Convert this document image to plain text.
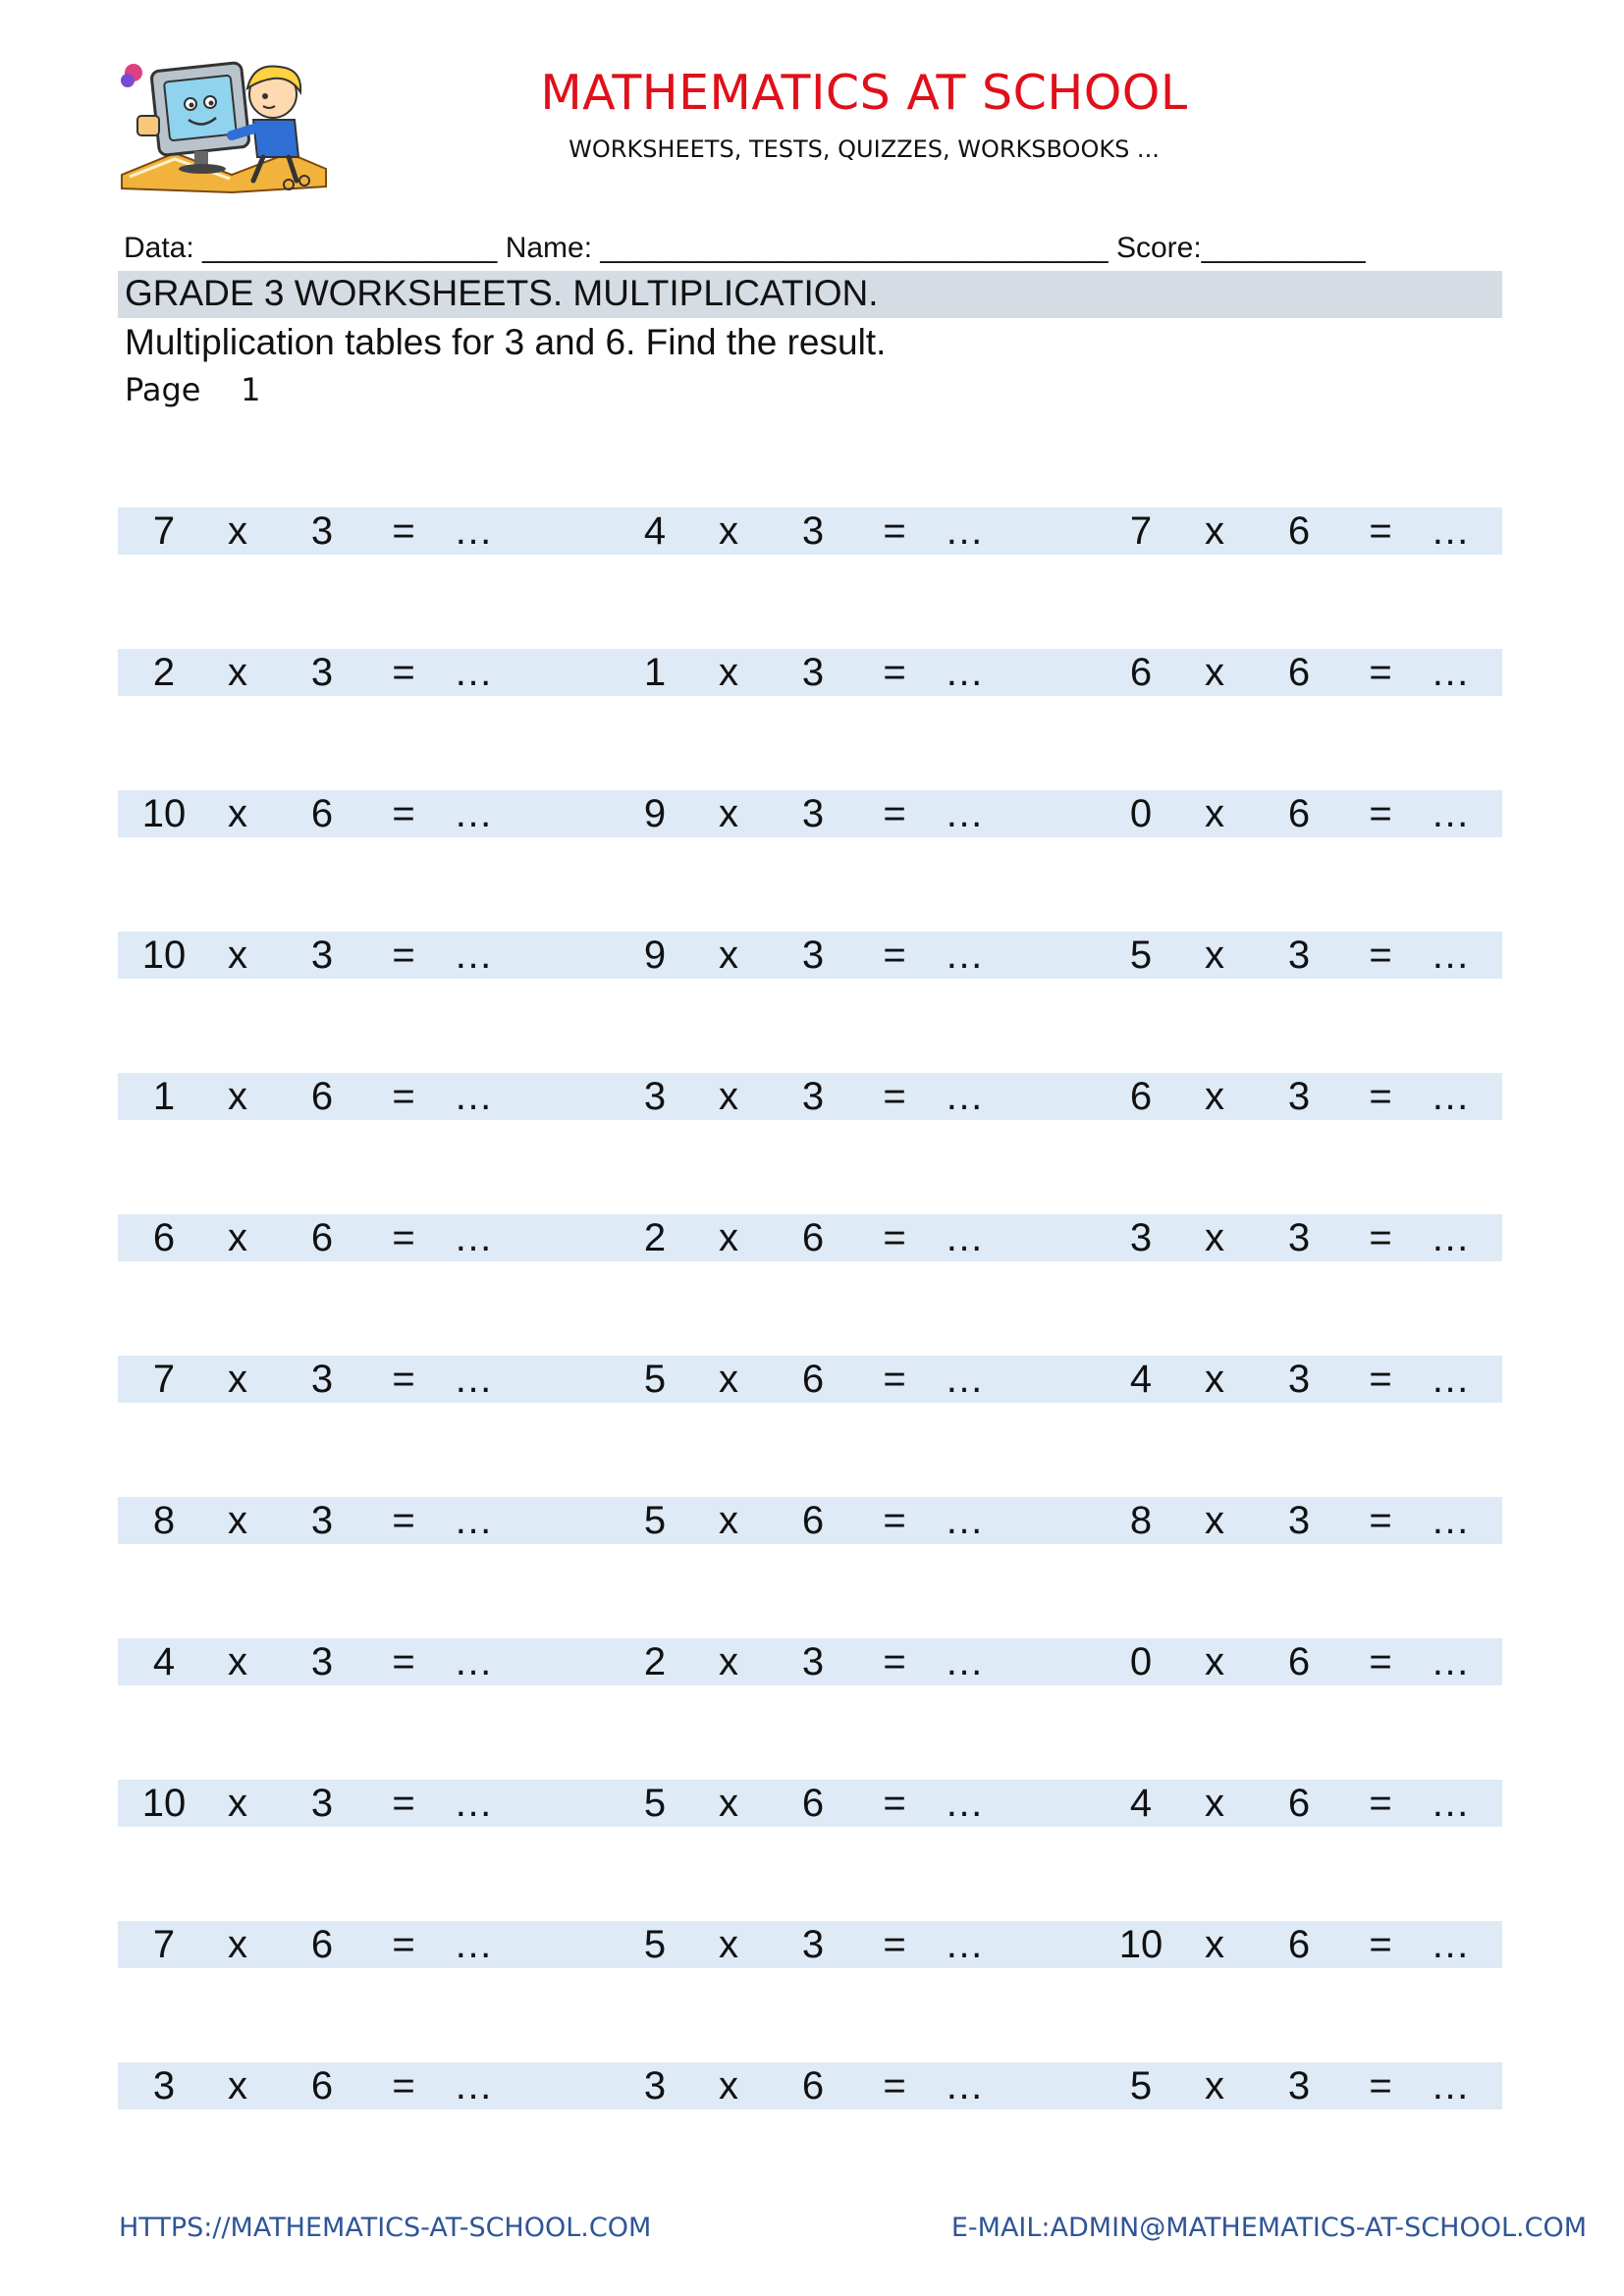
MATHEMATICS AT SCHOOL
WORKSHEETS, TESTS, QUIZZES, WORKSBOOKS ...
Data: __________________ Name: _______________________________ Score:__________
GRADE 3 WORKSHEETS. MULTIPLICATION.
Multiplication tables for 3 and 6. Find the result.
Page    1
7	x	3	= …	4	x	3	= …	7	x	6	= …
2	x	3	= …	1	x	3	= …	6	x	6	= …
10	x	6	= …	9	x	3	= …	0	x	6	= …
10	x	3	= …	9	x	3	= …	5	x	3	= …
1	x	6	= …	3	x	3	= …	6	x	3	= …
6	x	6	= …	2	x	6	= …	3	x	3	= …
7	x	3	= …	5	x	6	= …	4	x	3	= …
8	x	3	= …	5	x	6	= …	8	x	3	= …
4	x	3	= …	2	x	3	= …	0	x	6	= …
10	x	3	= …	5	x	6	= …	4	x	6	= …
7	x	6	= …	5	x	3	= …	10	x	6	= …
3	x	6	= …	3	x	6	= …	5	x	3	= …
HTTPS://MATHEMATICS-AT-SCHOOL.COM	E-MAIL:ADMIN@MATHEMATICS-AT-SCHOOL.COM
